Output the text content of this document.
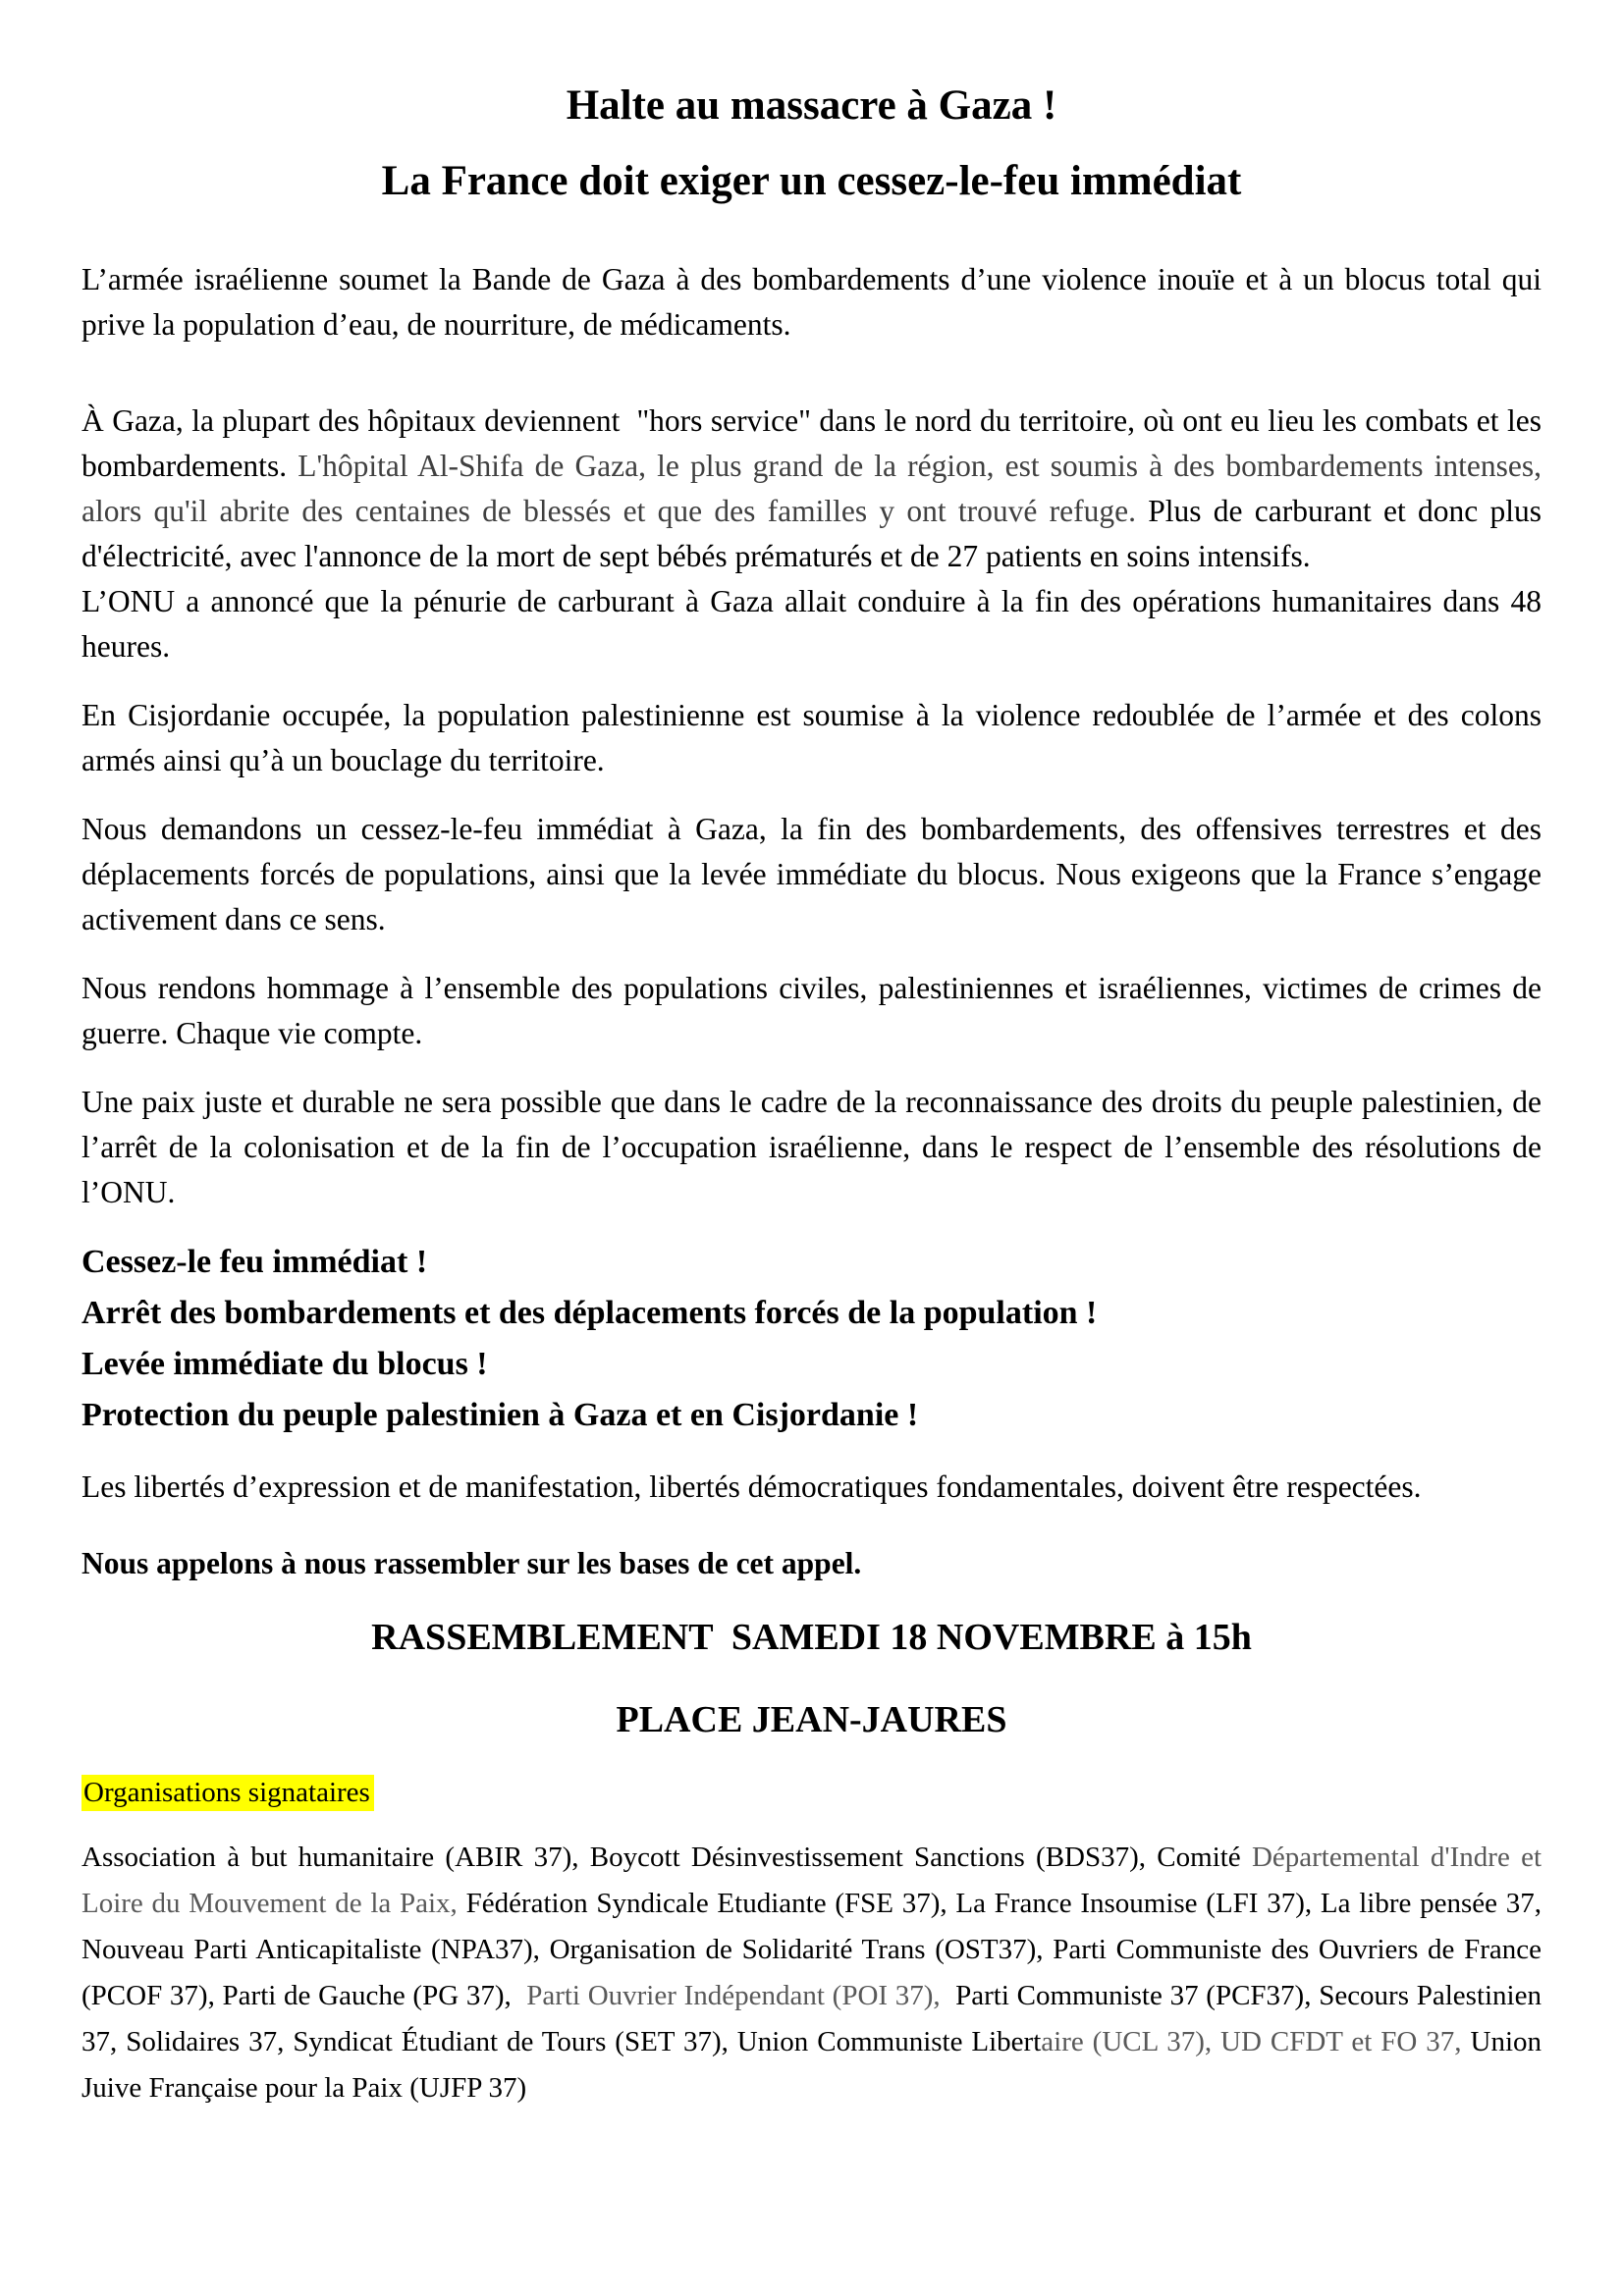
Halte au massacre à Gaza !
La France doit exiger un cessez-le-feu immédiat

L’armée israélienne soumet la Bande de Gaza à des bombardements d’une violence inouïe et à un blocus total qui prive la population d’eau, de nourriture, de médicaments.

À Gaza, la plupart des hôpitaux deviennent  "hors service" dans le nord du territoire, où ont eu lieu les combats et les bombardements. L'hôpital Al-Shifa de Gaza, le plus grand de la région, est soumis à des bombardements intenses, alors qu'il abrite des centaines de blessés et que des familles y ont trouvé refuge. Plus de carburant et donc plus d'électricité, avec l'annonce de la mort de sept bébés prématurés et de 27 patients en soins intensifs.

L’ONU a annoncé que la pénurie de carburant à Gaza allait conduire à la fin des opérations humanitaires dans 48 heures.

En Cisjordanie occupée, la population palestinienne est soumise à la violence redoublée de l’armée et des colons armés ainsi qu’à un bouclage du territoire.

Nous demandons un cessez-le-feu immédiat à Gaza, la fin des bombardements, des offensives terrestres et des déplacements forcés de populations, ainsi que la levée immédiate du blocus. Nous exigeons que la France s’engage activement dans ce sens.

Nous rendons hommage à l’ensemble des populations civiles, palestiniennes et israéliennes, victimes de crimes de guerre. Chaque vie compte.

Une paix juste et durable ne sera possible que dans le cadre de la reconnaissance des droits du peuple palestinien, de l’arrêt de la colonisation et de la fin de l’occupation israélienne, dans le respect de l’ensemble des résolutions de l’ONU.

Cessez-le feu immédiat !

Arrêt des bombardements et des déplacements forcés de la population !

Levée immédiate du blocus !

Protection du peuple palestinien à Gaza et en Cisjordanie !

Les libertés d’expression et de manifestation, libertés démocratiques fondamentales, doivent être respectées.

Nous appelons à nous rassembler sur les bases de cet appel.

RASSEMBLEMENT  SAMEDI 18 NOVEMBRE à 15h
PLACE JEAN-JAURES
Organisations signataires

Association à but humanitaire (ABIR 37), Boycott Désinvestissement Sanctions (BDS37), Comité Départemental d'Indre et Loire du Mouvement de la Paix, Fédération Syndicale Etudiante (FSE 37), La France Insoumise (LFI 37), La libre pensée 37, Nouveau Parti Anticapitaliste (NPA37), Organisation de Solidarité Trans (OST37), Parti Communiste des Ouvriers de France (PCOF 37), Parti de Gauche (PG 37),  Parti Ouvrier Indépendant (POI 37),  Parti Communiste 37 (PCF37), Secours Palestinien 37, Solidaires 37, Syndicat Étudiant de Tours (SET 37), Union Communiste Libertaire (UCL 37), UD CFDT et FO 37, Union Juive Française pour la Paix (UJFP 37)
